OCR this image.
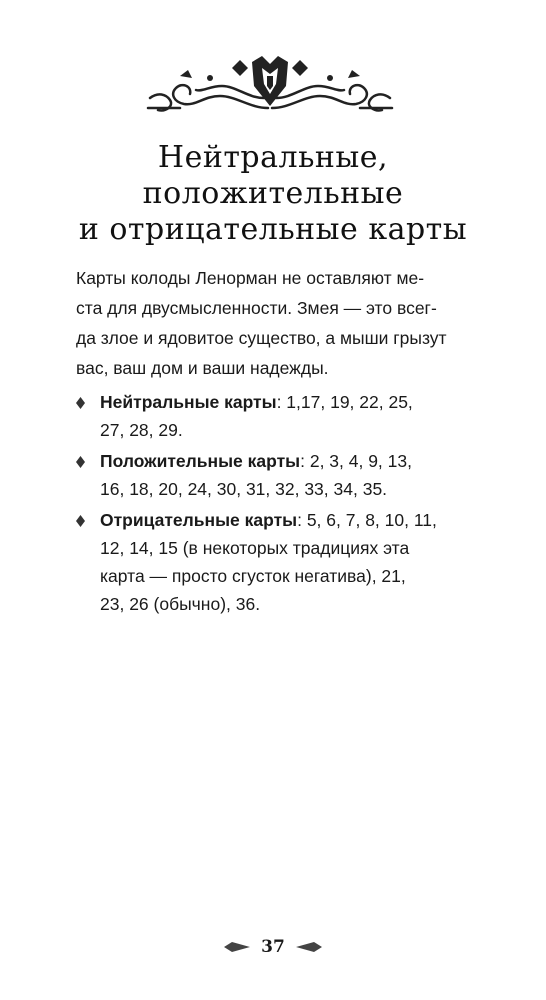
Нейтральные,
положительные
и отрицательные карты

Карты колоды Ленорман не оставляют ме-
ста для двусмысленности. Змея — это всег-
да злое и ядовитое существо, а мыши грызут
вас, ваш дом и ваши надежды.

Нейтральные карты: 1,17, 19, 22, 25,
27, 28, 29.
Положительные карты: 2, 3, 4, 9, 13,
16, 18, 20, 24, 30, 31, 32, 33, 34, 35.
Отрицательные карты: 5, 6, 7, 8, 10, 11,
12, 14, 15 (в некоторых традициях эта
карта — просто сгусток негатива), 21,
23, 26 (обычно), 36.
37
